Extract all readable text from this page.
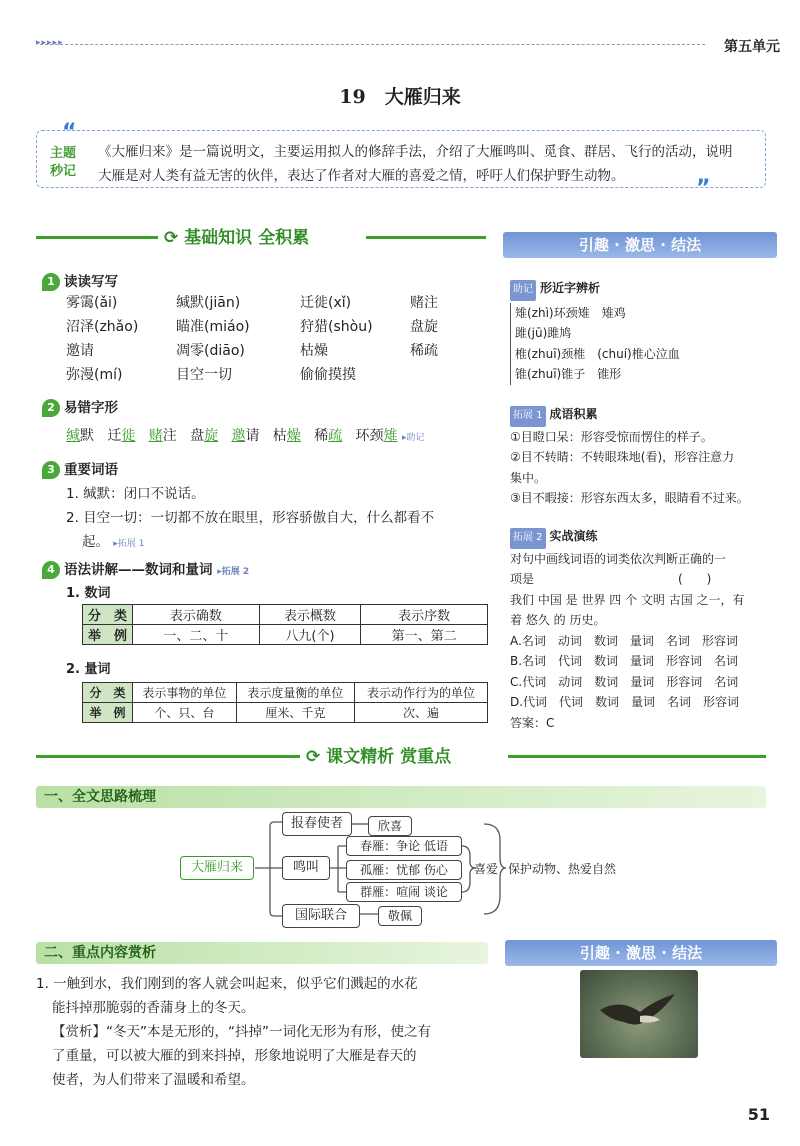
▸▸▸▸▸	第五单元
19　大雁归来
“
”
主题
秒记
《大雁归来》是一篇说明文，主要运用拟人的修辞手法，介绍了大雁鸣叫、觅食、群居、飞行的活动，说明
大雁是对人类有益无害的伙伴，表达了作者对大雁的喜爱之情，呼吁人们保护野生动物。
⟳ 基础知识 全积累	引趣 · 激思 · 结法
1 读读写写
雾霭(ǎi)	缄默(jiān)	迁徙(xǐ)	赌注
沼泽(zhǎo)	瞄准(miáo)	狩猎(shòu)	盘旋
邀请	凋零(diāo)	枯燥	稀疏
弥漫(mí)	目空一切	偷偷摸摸
2 易错字形
缄默 迁徙 赌注 盘旋 邀请 枯燥 稀疏 环颈雉 ▸助记
3 重要词语
1. 缄默：闭口不说话。
2. 目空一切：一切都不放在眼里，形容骄傲自大，什么都看不
起。 ▸拓展 1
4 语法讲解——数词和量词 ▸拓展 2
1. 数词
分　类	表示确数	表示概数	表示序数
举　例	一、二、十	八九(个)	第一、第二
2. 量词
分　类	表示事物的单位	表示度量衡的单位	表示动作行为的单位
举　例	个、只、台	厘米、千克	次、遍
助记 形近字辨析
雉(zhì)环颈雉　雉鸡
雎(jū)雎鸠
椎(zhuī)颈椎　(chuí)椎心泣血
锥(zhuī)锥子　锥形
拓展 1 成语积累
①目瞪口呆：形容受惊而愣住的样子。
②目不转睛：不转眼珠地(看)，形容注意力
集中。
③目不暇接：形容东西太多，眼睛看不过来。
拓展 2 实战演练
对句中画线词语的词类依次判断正确的一
项是　　　　　　　　　　　　(　　)
我们 中国 是 世界 四 个 文明 古国 之一，有
着 悠久 的 历史。
A.名词　动词　数词　量词　名词　形容词
B.名词　代词　数词　量词　形容词　名词
C.代词　动词　数词　量词　形容词　名词
D.代词　代词　数词　量词　名词　形容词
答案：C
⟳ 课文精析 赏重点
一、全文思路梳理
大雁归来
报春使者	欣喜
鸣叫
春雁：争论 低语
孤雁：忧郁 伤心
群雁：喧闹 谈论
喜爱
国际联合	敬佩
保护动物、热爱自然
二、重点内容赏析	引趣 · 激思 · 结法
1. 一触到水，我们刚到的客人就会叫起来，似乎它们溅起的水花
能抖掉那脆弱的香蒲身上的冬天。
【赏析】“冬天”本是无形的，“抖掉”一词化无形为有形，使之有
了重量，可以被大雁的到来抖掉，形象地说明了大雁是春天的
使者，为人们带来了温暖和希望。
51
